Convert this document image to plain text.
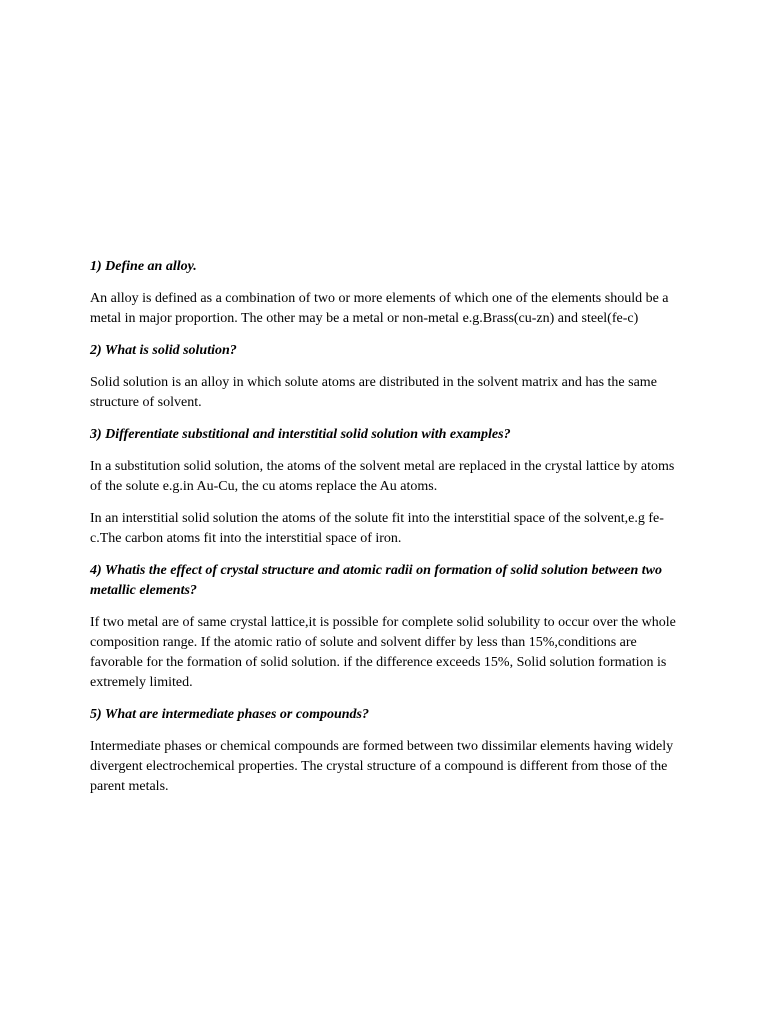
1) Define an alloy.

An alloy is defined as a combination of two or more elements of which one of the elements should be a metal in major proportion. The other may be a metal or non-metal e.g.Brass(cu-zn) and steel(fe-c)

2) What is solid solution?

Solid solution is an alloy in which solute atoms are distributed in the solvent matrix and has the same structure of solvent.

3) Differentiate substitional and interstitial solid solution with examples?

In a substitution solid solution, the atoms of the solvent metal are replaced in the crystal lattice by atoms of the solute e.g.in Au-Cu, the cu atoms replace the Au atoms.

In an interstitial solid solution the atoms of the solute fit into the interstitial space of the solvent,e.g fe-c.The carbon atoms fit into the interstitial space of iron.

4) Whatis the effect of crystal structure and atomic radii on formation of solid solution between two metallic elements?

If two metal are of same crystal lattice,it is possible for complete solid solubility to occur over the whole composition range. If the atomic ratio of solute and solvent differ by less than 15%,conditions are favorable for the formation of solid solution. if the difference exceeds 15%, Solid solution formation is extremely limited.

5) What are intermediate phases or compounds?

Intermediate phases or chemical compounds are formed between two dissimilar elements having widely divergent electrochemical properties. The crystal structure of a compound is different from those of the parent metals.
